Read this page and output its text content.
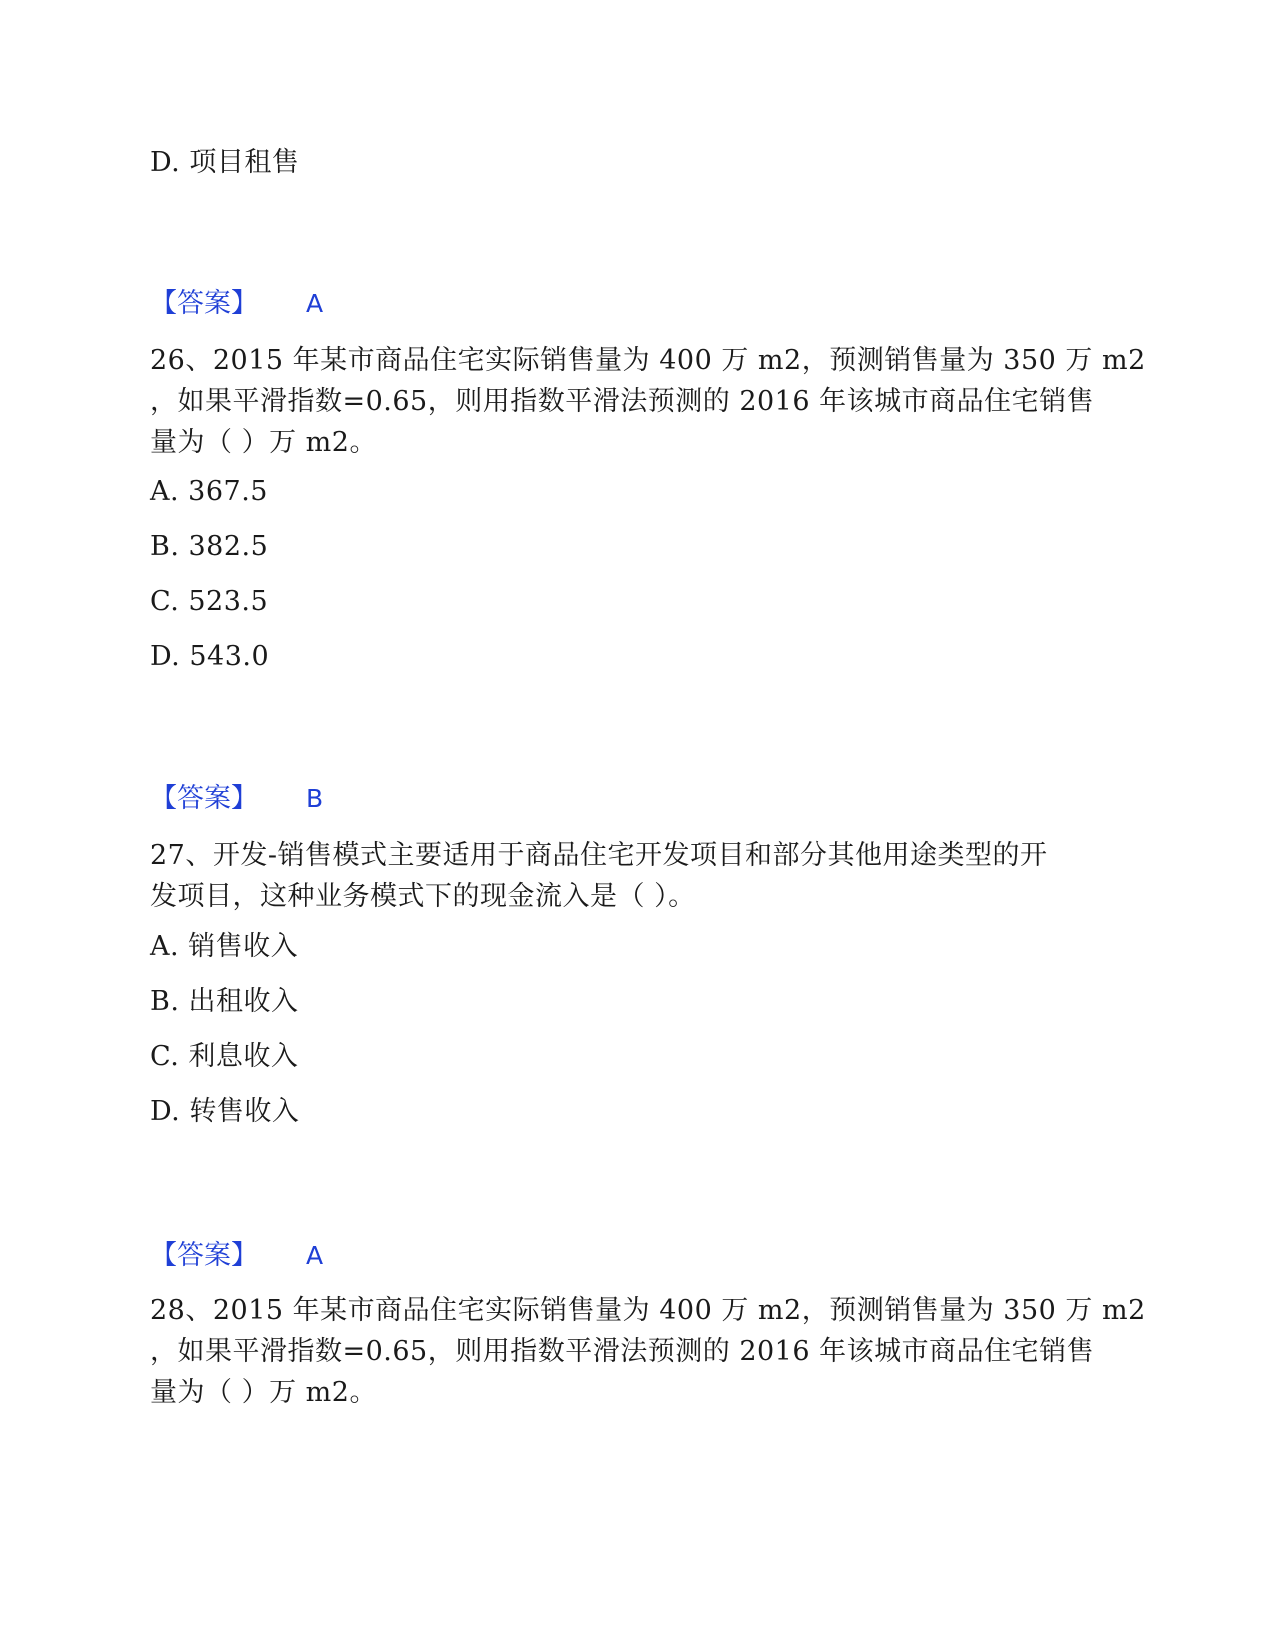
D. 项目租售
【答案】 A
26、2015 年某市商品住宅实际销售量为 400 万 m2，预测销售量为 350 万 m2
，如果平滑指数=0.65，则用指数平滑法预测的 2016 年该城市商品住宅销售
量为（ ）万 m2。
A. 367.5
B. 382.5
C. 523.5
D. 543.0
【答案】 B
27、开发-销售模式主要适用于商品住宅开发项目和部分其他用途类型的开
发项目，这种业务模式下的现金流入是（ ）。
A. 销售收入
B. 出租收入
C. 利息收入
D. 转售收入
【答案】 A
28、2015 年某市商品住宅实际销售量为 400 万 m2，预测销售量为 350 万 m2
，如果平滑指数=0.65，则用指数平滑法预测的 2016 年该城市商品住宅销售
量为（ ）万 m2。
